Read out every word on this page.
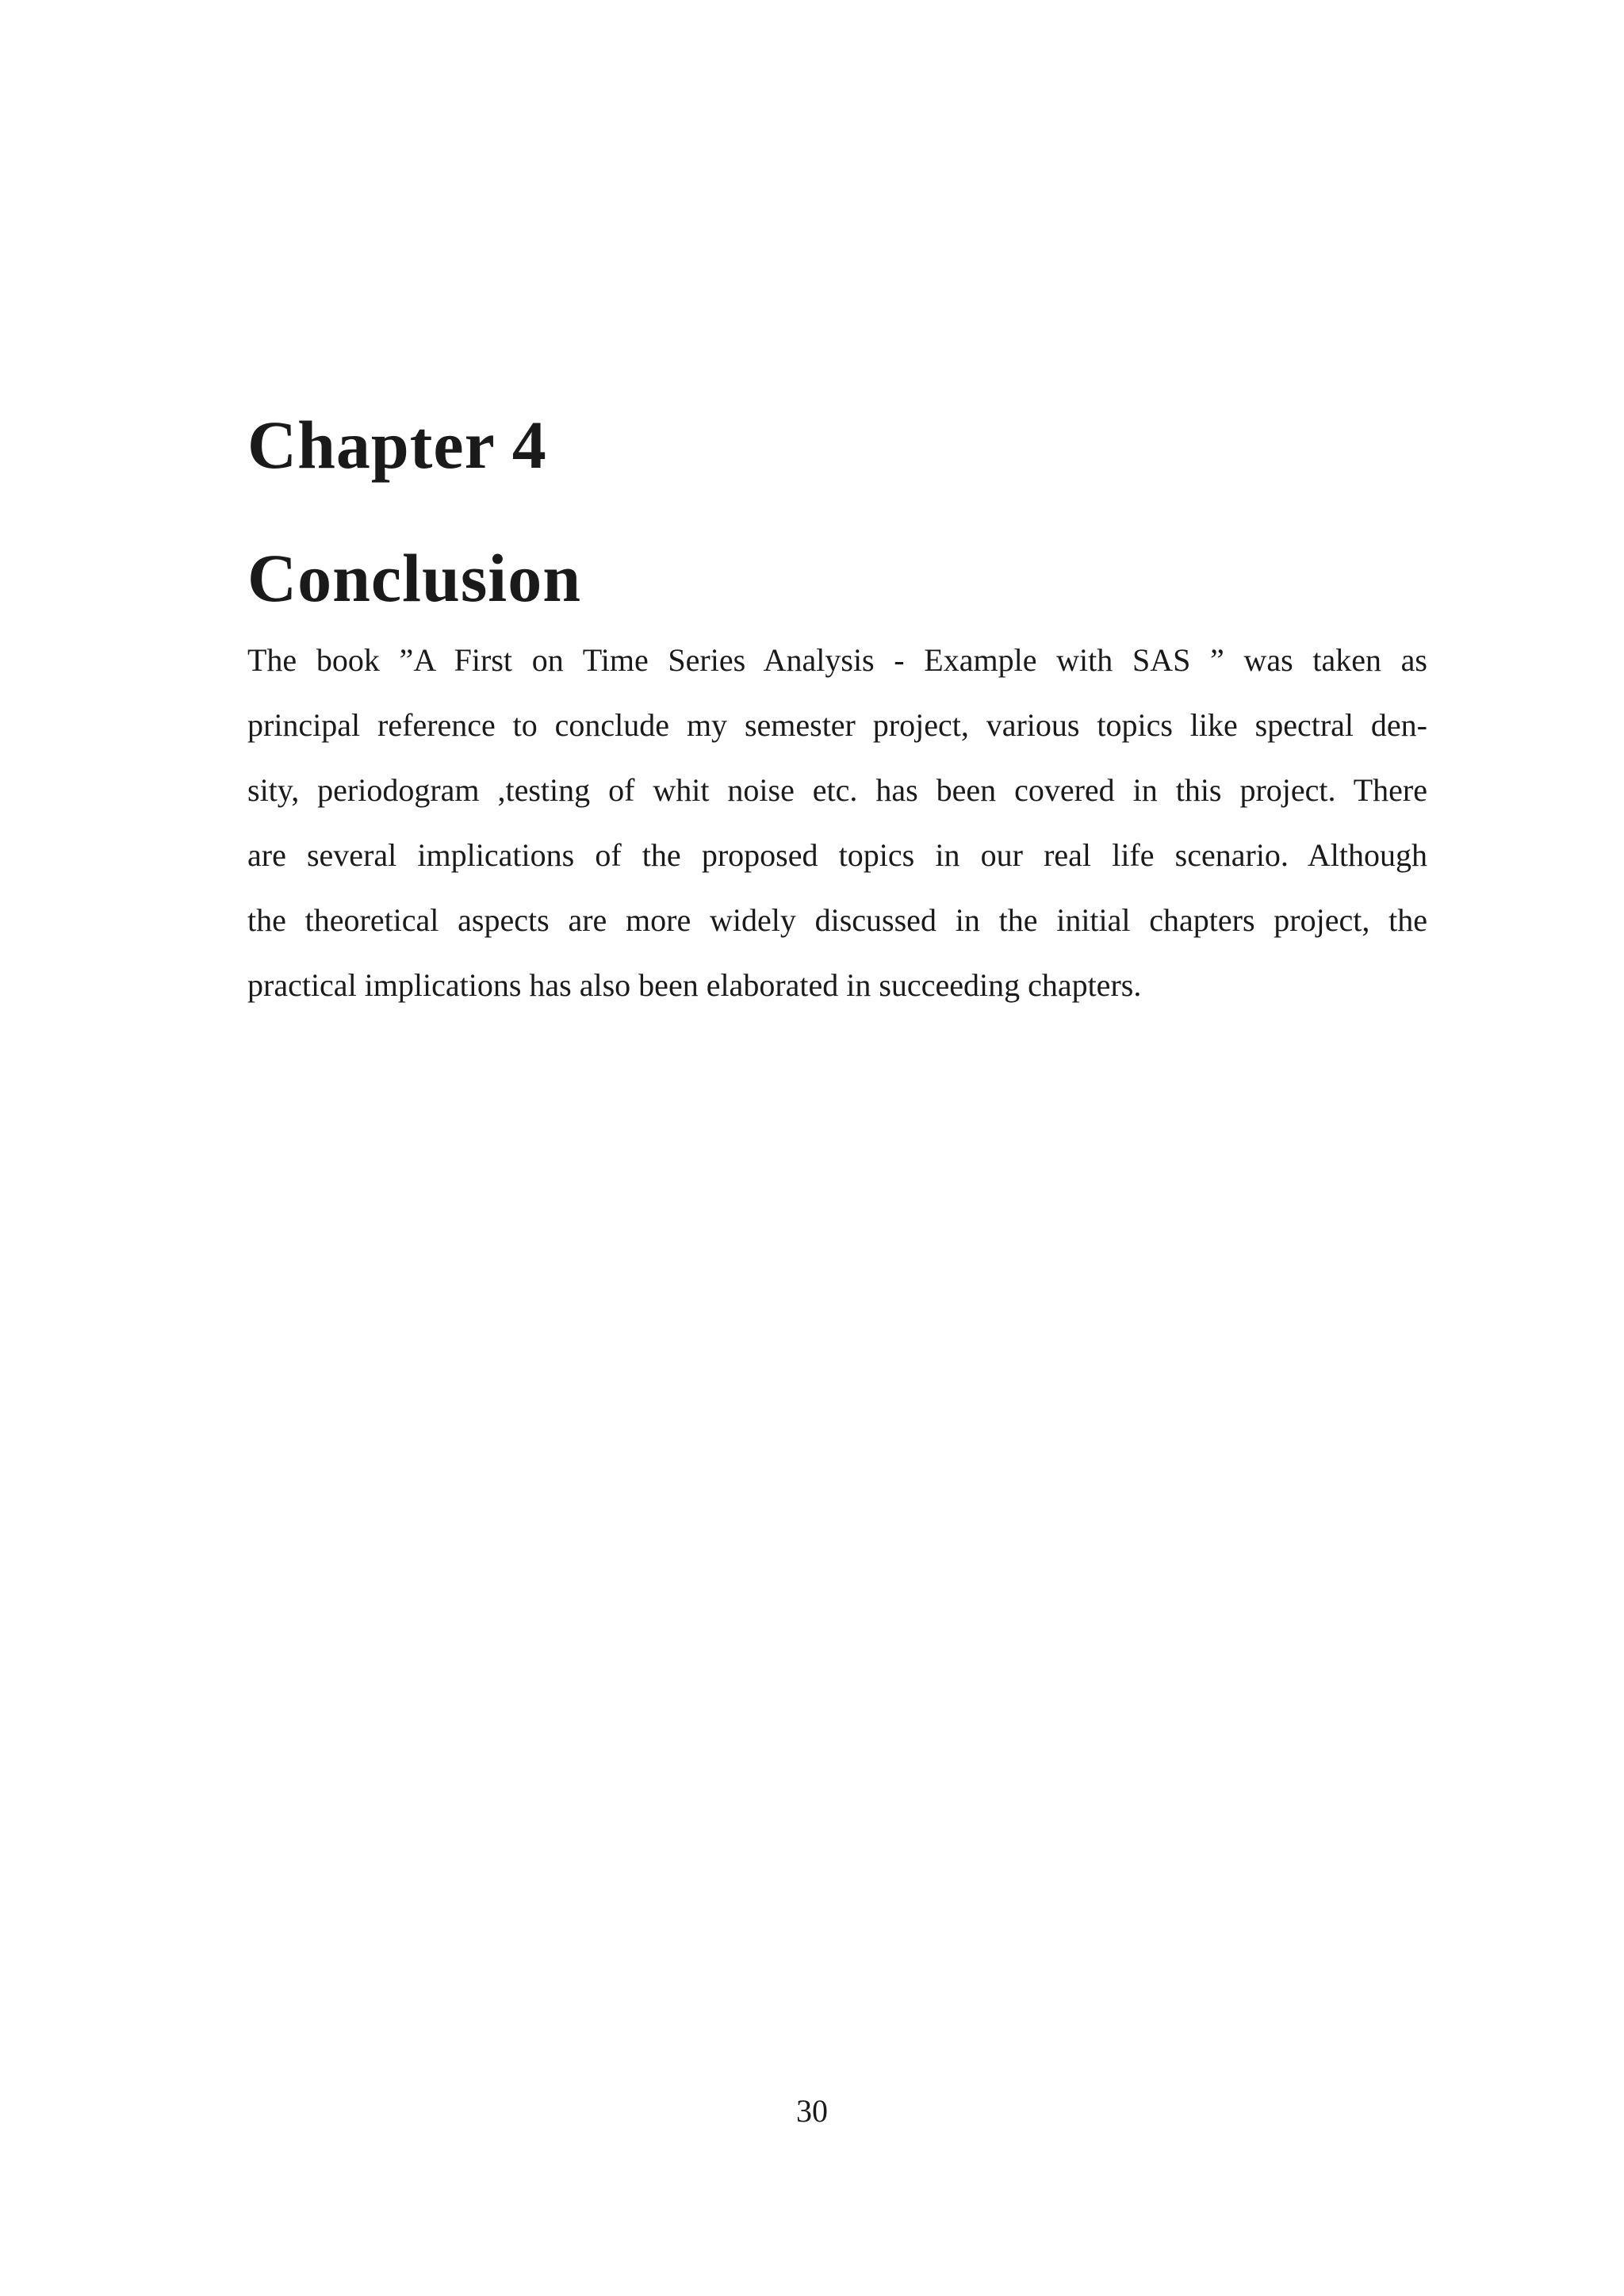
Chapter 4
Conclusion
The book ”A First on Time Series Analysis - Example with SAS ” was taken as
principal reference to conclude my semester project, various topics like spectral den-
sity, periodogram ,testing of whit noise etc. has been covered in this project. There
are several implications of the proposed topics in our real life scenario. Although
the theoretical aspects are more widely discussed in the initial chapters project, the
practical implications has also been elaborated in succeeding chapters.

30
